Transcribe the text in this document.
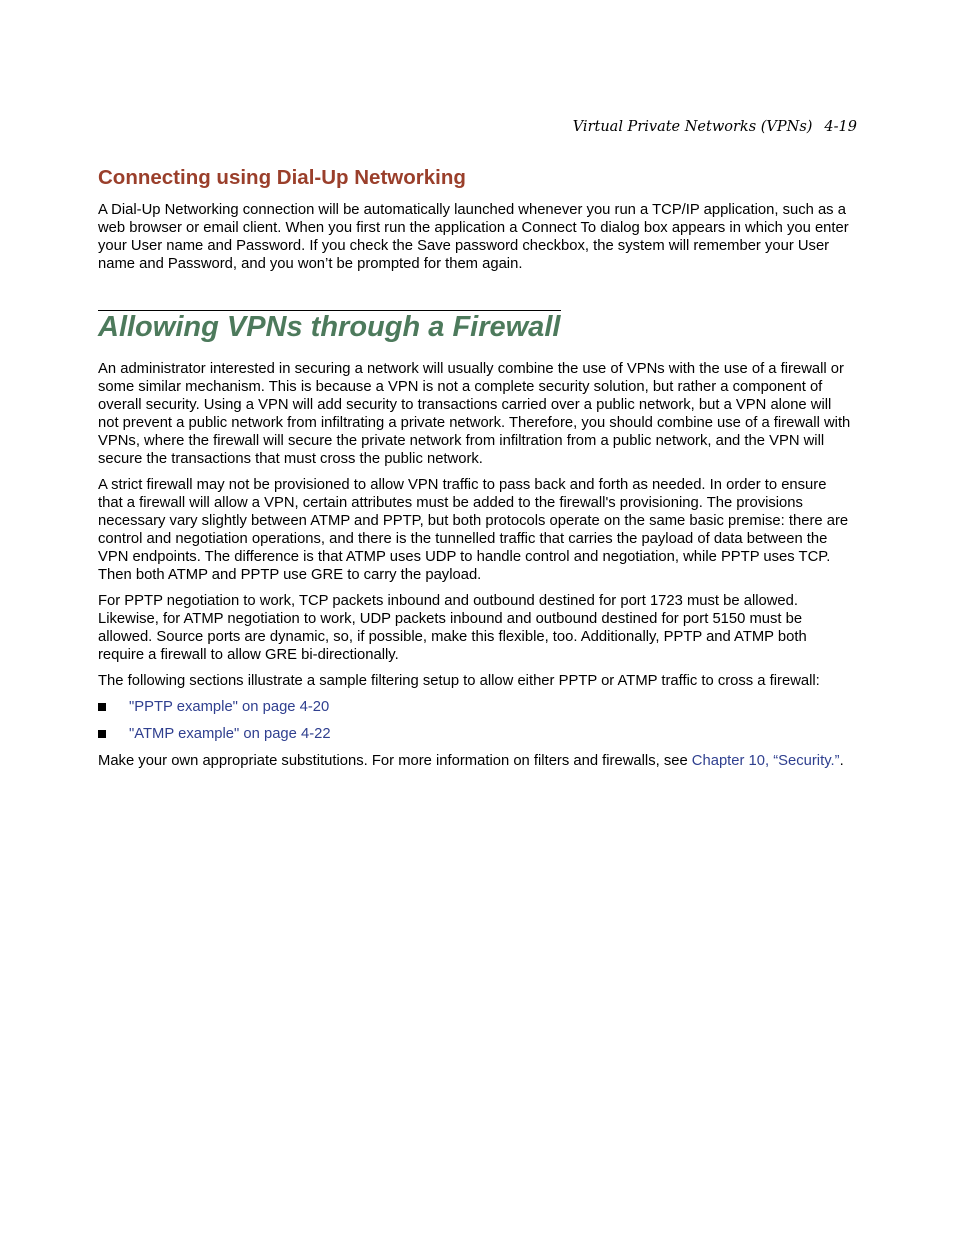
Virtual Private Networks (VPNs) 4-19
Connecting using Dial-Up Networking

A Dial-Up Networking connection will be automatically launched whenever you run a TCP/IP application, such as a web browser or email client. When you first run the application a Connect To dialog box appears in which you enter your User name and Password. If you check the Save password checkbox, the system will remember your User name and Password, and you won’t be prompted for them again.

Allowing VPNs through a Firewall

An administrator interested in securing a network will usually combine the use of VPNs with the use of a firewall or some similar mechanism. This is because a VPN is not a complete security solution, but rather a component of overall security. Using a VPN will add security to transactions carried over a public network, but a VPN alone will not prevent a public network from infiltrating a private network. Therefore, you should combine use of a firewall with VPNs, where the firewall will secure the private network from infiltration from a public network, and the VPN will secure the transactions that must cross the public network.

A strict firewall may not be provisioned to allow VPN traffic to pass back and forth as needed. In order to ensure that a firewall will allow a VPN, certain attributes must be added to the firewall's provisioning. The provisions necessary vary slightly between ATMP and PPTP, but both protocols operate on the same basic premise: there are control and negotiation operations, and there is the tunnelled traffic that carries the payload of data between the VPN endpoints. The difference is that ATMP uses UDP to handle control and negotiation, while PPTP uses TCP. Then both ATMP and PPTP use GRE to carry the payload.

For PPTP negotiation to work, TCP packets inbound and outbound destined for port 1723 must be allowed. Likewise, for ATMP negotiation to work, UDP packets inbound and outbound destined for port 5150 must be allowed. Source ports are dynamic, so, if possible, make this flexible, too. Additionally, PPTP and ATMP both require a firewall to allow GRE bi-directionally.

The following sections illustrate a sample filtering setup to allow either PPTP or ATMP traffic to cross a firewall:

"PPTP example" on page 4-20
"ATMP example" on page 4-22

Make your own appropriate substitutions. For more information on filters and firewalls, see Chapter 10, “Security.”.
